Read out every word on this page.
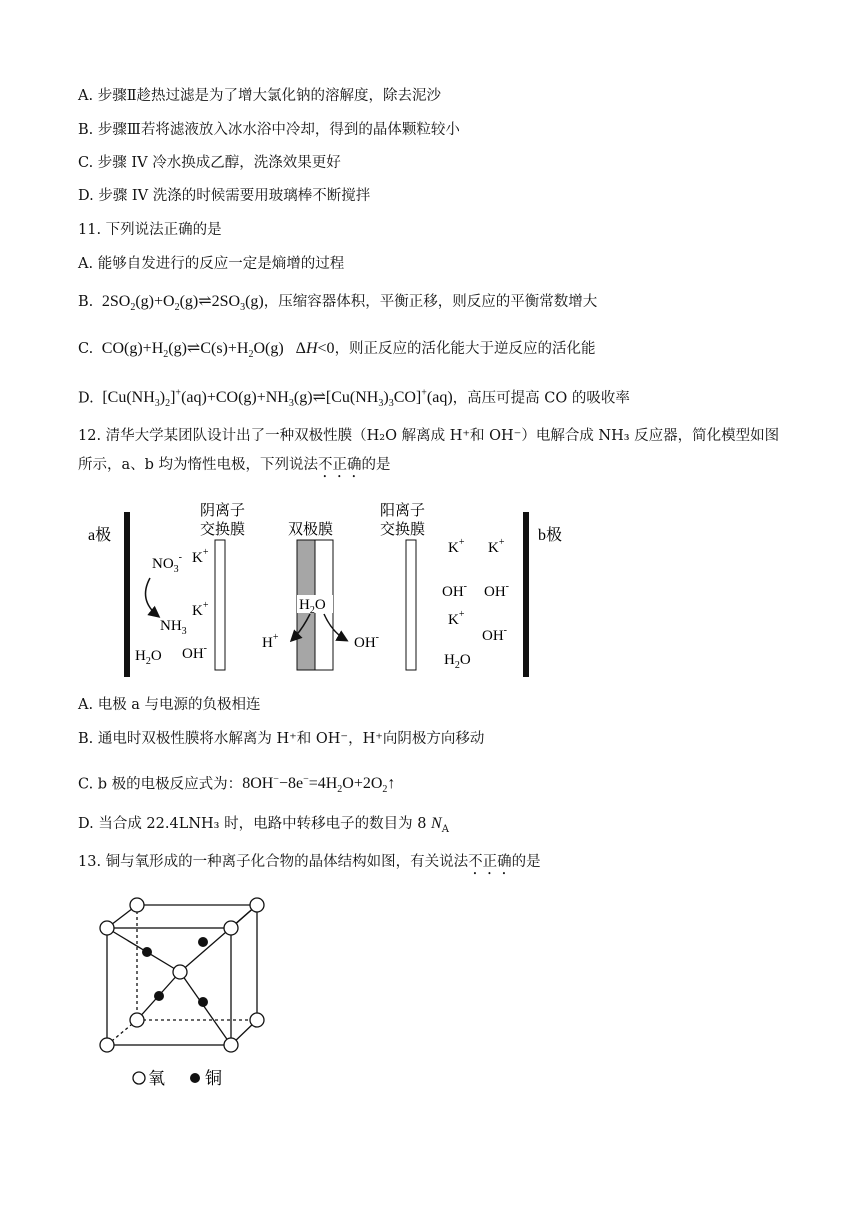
A. 步骤Ⅱ趁热过滤是为了增大氯化钠的溶解度，除去泥沙
B. 步骤Ⅲ若将滤液放入冰水浴中冷却，得到的晶体颗粒较小
C. 步骤 IV 冷水换成乙醇，洗涤效果更好
D. 步骤 IV 洗涤的时候需要用玻璃棒不断搅拌
11. 下列说法正确的是
A. 能够自发进行的反应一定是熵增的过程
B.  $2SO_2(g)+O_2(g)\rightleftharpoons 2SO_3(g)$，压缩容器体积，平衡正移，则反应的平衡常数增大
C.  $CO(g)+H_2(g)\rightleftharpoons C(s)+H_2O(g)$   ΔH<0，则正反应的活化能大于逆反应的活化能
D.  $[Cu(NH_3)_2]^+(aq)+CO(g)+NH_3(g)\rightleftharpoons[Cu(NH_3)_3CO]^+(aq)$，高压可提高 CO 的吸收率
12. 清华大学某团队设计出了一种双极性膜（H₂O 解离成 H⁺和 OH⁻）电解合成 NH₃ 反应器，简化模型如图
所示，a、b 均为惰性电极，下列说法不正确的是
a极
阴离子
交换膜
$NO_3^-$ K+
K+
$NH_3$
$H_2O$ OH-
双极膜
$H_2O$
H+	OH-
阳离子
交换膜
K+ K+
OH- OH-
K+
OH-
$H_2O$
b极
A. 电极 a 与电源的负极相连
B. 通电时双极性膜将水解离为 H⁺和 OH⁻，H⁺向阴极方向移动
C. b 极的电极反应式为：$8OH^--8e^-=4H_2O+2O_2↑$
D. 当合成 22.4LNH₃ 时，电路中转移电子的数目为 8 $N_A$
13. 铜与氧形成的一种离子化合物的晶体结构如图，有关说法不正确的是
氧 铜
